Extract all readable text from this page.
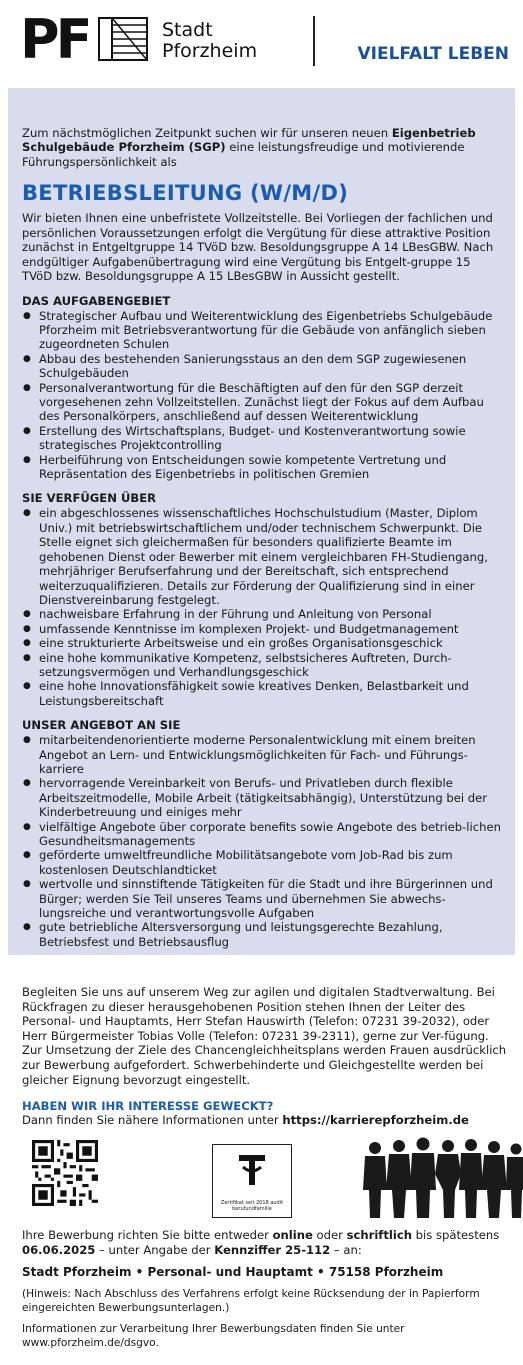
PF	Stadt
Pforzheim	VIELFALT LEBEN

Zum nächstmöglichen Zeitpunkt suchen wir für unseren neuen Eigenbetrieb Schulgebäude Pforzheim (SGP) eine leistungsfreudige und motivierende Führungspersönlichkeit als

BETRIEBSLEITUNG (W/M/D)

Wir bieten Ihnen eine unbefristete Vollzeitstelle. Bei Vorliegen der fachlichen und persönlichen Voraussetzungen erfolgt die Vergütung für diese attraktive Position zunächst in Entgeltgruppe 14 TVöD bzw. Besoldungsgruppe A 14 LBesGBW. Nach endgültiger Aufgabenübertragung wird eine Vergütung bis Entgelt-gruppe 15 TVöD bzw. Besoldungsgruppe A 15 LBesGBW in Aussicht gestellt.

DAS AUFGABENGEBIET
● Strategischer Aufbau und Weiterentwicklung des Eigenbetriebs Schulgebäude Pforzheim mit Betriebsverantwortung für die Gebäude von anfänglich sieben zugeordneten Schulen
● Abbau des bestehenden Sanierungsstaus an den dem SGP zugewiesenen Schulgebäuden
● Personalverantwortung für die Beschäftigten auf den für den SGP derzeit vorgesehenen zehn Vollzeitstellen. Zunächst liegt der Fokus auf dem Aufbau des Personalkörpers, anschließend auf dessen Weiterentwicklung
● Erstellung des Wirtschaftsplans, Budget- und Kostenverantwortung sowie strategisches Projektcontrolling
● Herbeiführung von Entscheidungen sowie kompetente Vertretung und Repräsentation des Eigenbetriebs in politischen Gremien
SIE VERFÜGEN ÜBER
● ein abgeschlossenes wissenschaftliches Hochschulstudium (Master, Diplom Univ.) mit betriebswirtschaftlichem und/oder technischem Schwerpunkt. Die Stelle eignet sich gleichermaßen für besonders qualifizierte Beamte im gehobenen Dienst oder Bewerber mit einem vergleichbaren FH-Studiengang, mehrjähriger Berufserfahrung und der Bereitschaft, sich entsprechend weiterzuqualifizieren. Details zur Förderung der Qualifizierung sind in einer Dienstvereinbarung festgelegt.
● nachweisbare Erfahrung in der Führung und Anleitung von Personal
● umfassende Kenntnisse im komplexen Projekt- und Budgetmanagement
● eine strukturierte Arbeitsweise und ein großes Organisationsgeschick
● eine hohe kommunikative Kompetenz, selbstsicheres Auftreten, Durch-setzungsvermögen und Verhandlungsgeschick
● eine hohe Innovationsfähigkeit sowie kreatives Denken, Belastbarkeit und Leistungsbereitschaft
UNSER ANGEBOT AN SIE
● mitarbeitendenorientierte moderne Personalentwicklung mit einem breiten Angebot an Lern- und Entwicklungsmöglichkeiten für Fach- und Führungs-karriere
● hervorragende Vereinbarkeit von Berufs- und Privatleben durch flexible Arbeitszeitmodelle, Mobile Arbeit (tätigkeitsabhängig), Unterstützung bei der Kinderbetreuung und einiges mehr
● vielfältige Angebote über corporate benefits sowie Angebote des betrieb-lichen Gesundheitsmanagements
● geförderte umweltfreundliche Mobilitätsangebote vom Job-Rad bis zum kostenlosen Deutschlandticket
● wertvolle und sinnstiftende Tätigkeiten für die Stadt und ihre Bürgerinnen und Bürger; werden Sie Teil unseres Teams und übernehmen Sie abwechs-lungsreiche und verantwortungsvolle Aufgaben
● gute betriebliche Altersversorgung und leistungsgerechte Bezahlung, Betriebsfest und Betriebsausflug

Begleiten Sie uns auf unserem Weg zur agilen und digitalen Stadtverwaltung. Bei Rückfragen zu dieser herausgehobenen Position stehen Ihnen der Leiter des Personal- und Hauptamts, Herr Stefan Hauswirth (Telefon: 07231 39-2032), oder Herr Bürgermeister Tobias Volle (Telefon: 07231 39-2311), gerne zur Ver-fügung. Zur Umsetzung der Ziele des Chancengleichheitsplans werden Frauen ausdrücklich zur Bewerbung aufgefordert. Schwerbehinderte und Gleichgestellte werden bei gleicher Eignung bevorzugt eingestellt.

HABEN WIR IHR INTERESSE GEWECKT?

Dann finden Sie nähere Informationen unter https://karrierepforzheim.de

Zertifikat seit 2018 audit berufundfamilie

Ihre Bewerbung richten Sie bitte entweder online oder schriftlich bis spätestens 06.06.2025 – unter Angabe der Kennziffer 25-112 – an:

Stadt Pforzheim • Personal- und Hauptamt • 75158 Pforzheim

(Hinweis: Nach Abschluss des Verfahrens erfolgt keine Rücksendung der in Papierform eingereichten Bewerbungsunterlagen.)

Informationen zur Verarbeitung Ihrer Bewerbungsdaten finden Sie unter www.pforzheim.de/dsgvo.
